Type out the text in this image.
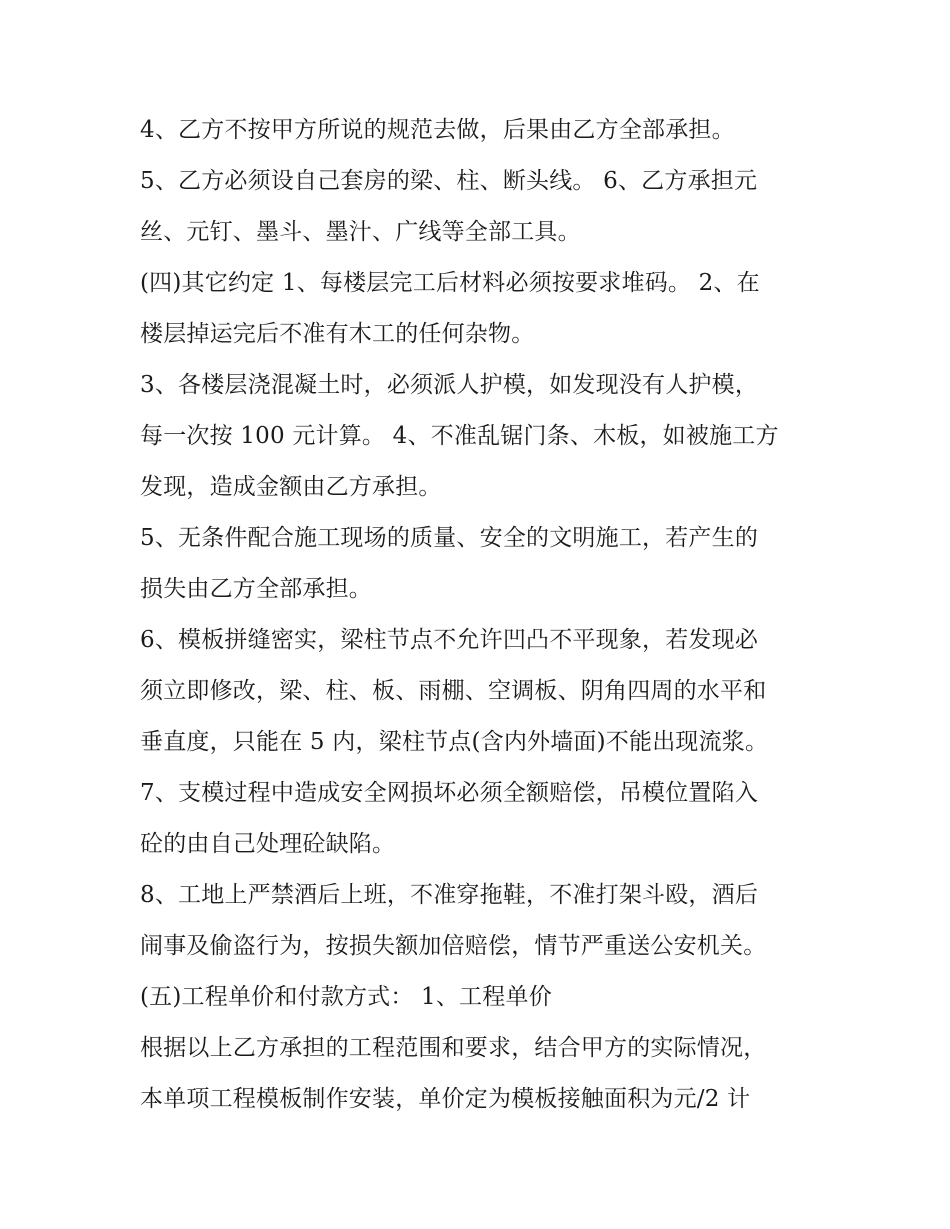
4、乙方不按甲方所说的规范去做，后果由乙方全部承担。
5、乙方必须设自己套房的梁、柱、断头线。 6、乙方承担元
丝、元钉、墨斗、墨汁、广线等全部工具。
(四)其它约定 1、每楼层完工后材料必须按要求堆码。 2、在
楼层掉运完后不准有木工的任何杂物。
3、各楼层浇混凝土时，必须派人护模，如发现没有人护模，
每一次按 100 元计算。 4、不准乱锯门条、木板，如被施工方
发现，造成金额由乙方承担。
5、无条件配合施工现场的质量、安全的文明施工，若产生的
损失由乙方全部承担。
6、模板拼缝密实，梁柱节点不允许凹凸不平现象，若发现必
须立即修改，梁、柱、板、雨棚、空调板、阴角四周的水平和
垂直度，只能在 5 内，梁柱节点(含内外墙面)不能出现流浆。
7、支模过程中造成安全网损坏必须全额赔偿，吊模位置陷入
砼的由自己处理砼缺陷。
8、工地上严禁酒后上班，不准穿拖鞋，不准打架斗殴，酒后
闹事及偷盗行为，按损失额加倍赔偿，情节严重送公安机关。
(五)工程单价和付款方式： 1、工程单价
根据以上乙方承担的工程范围和要求，结合甲方的实际情况，
本单项工程模板制作安装，单价定为模板接触面积为元/2 计
